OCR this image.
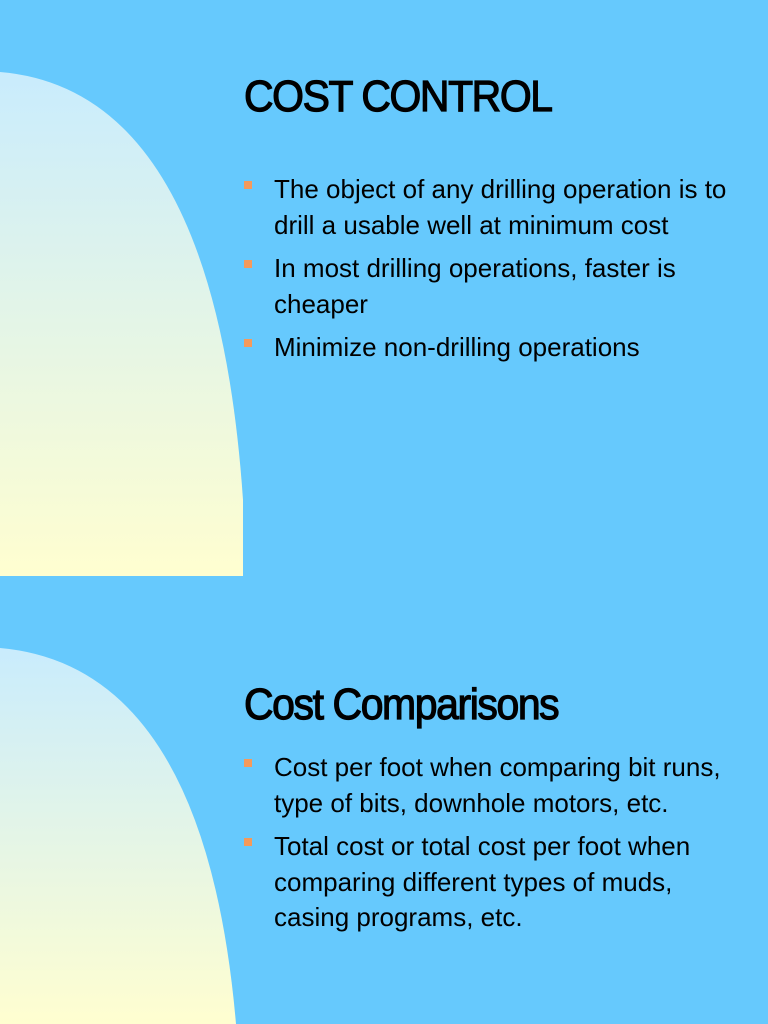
COST CONTROL
The object of any drilling operation is to drill a usable well at minimum cost
In most drilling operations, faster is cheaper
Minimize non-drilling operations
Cost Comparisons
Cost per foot when comparing bit runs, type of bits, downhole motors, etc.
Total cost or total cost per foot when comparing different types of muds, casing programs, etc.
